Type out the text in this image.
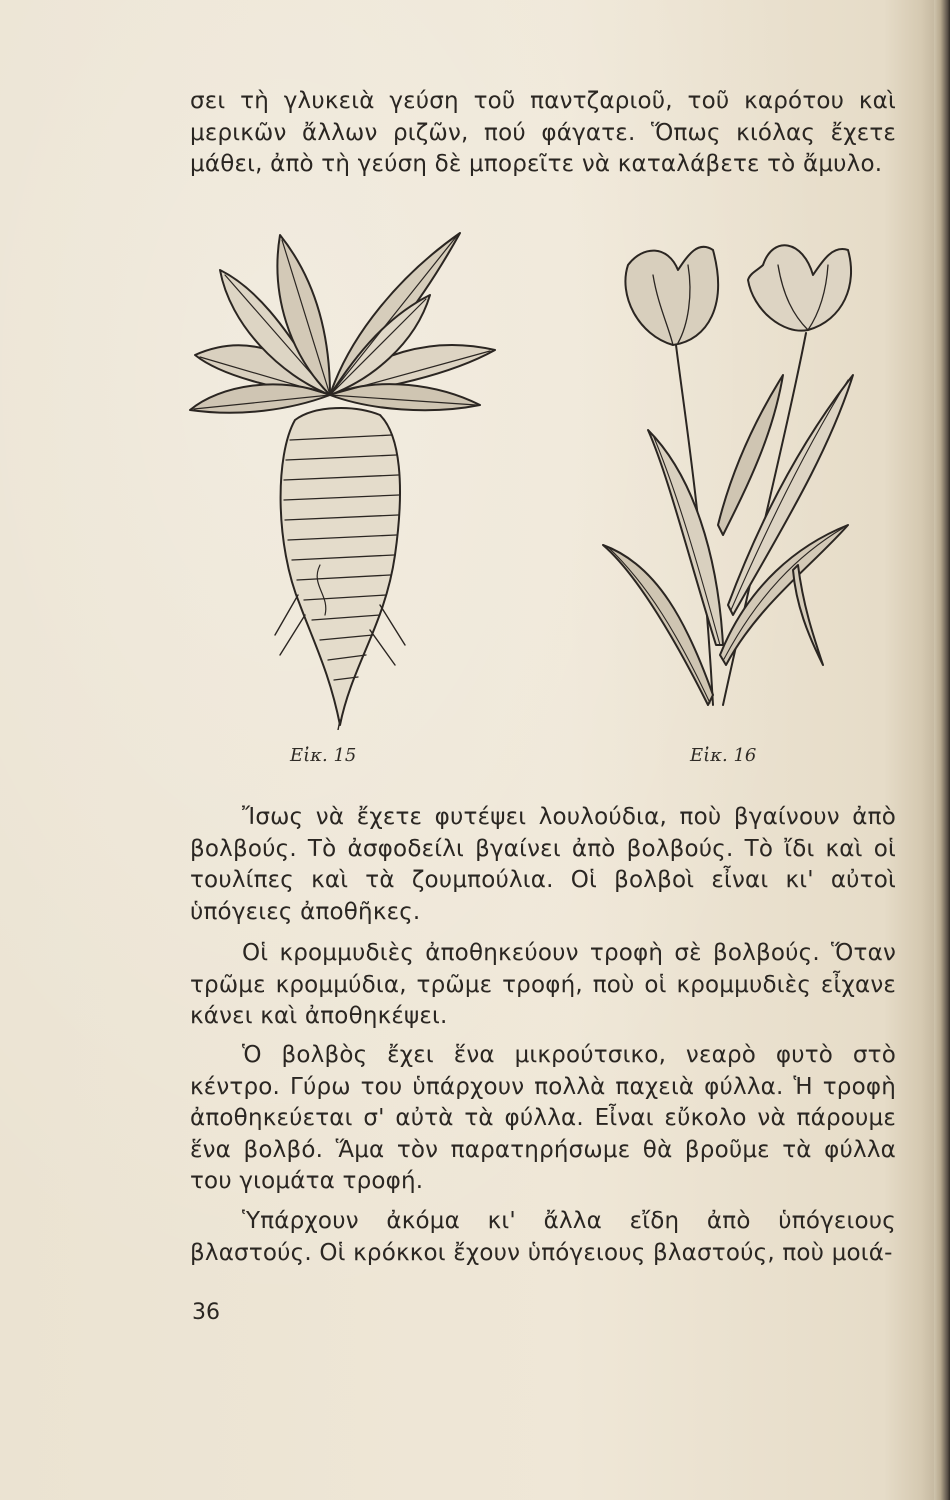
σει τὴ γλυκειὰ γεύση τοῦ παντζαριοῦ, τοῦ καρότου καὶ μερικῶν ἄλλων ριζῶν, πού φάγατε. Ὅπως κιόλας ἔχετε μάθει, ἀπὸ τὴ γεύση δὲ μπορεῖτε νὰ καταλάβετε τὸ ἄμυλο.

Εἰκ. 15	Εἰκ. 16

Ἴσως νὰ ἔχετε φυτέψει λουλούδια, ποὺ βγαίνουν ἀπὸ βολβούς. Τὸ ἀσφοδείλι βγαίνει ἀπὸ βολβούς. Τὸ ἴδι καὶ οἱ τουλίπες καὶ τὰ ζουμπούλια. Οἱ βολβοὶ εἶναι κι' αὐτοὶ ὑπόγειες ἀποθῆκες.

Οἱ κρομμυδιὲς ἀποθηκεύουν τροφὴ σὲ βολβούς. Ὅταν τρῶμε κρομμύδια, τρῶμε τροφή, ποὺ οἱ κρομμυδιὲς εἶχανε κάνει καὶ ἀποθηκέψει.

Ὁ βολβὸς ἔχει ἕνα μικρούτσικο, νεαρὸ φυτὸ στὸ κέντρο. Γύρω του ὑπάρχουν πολλὰ παχειὰ φύλλα. Ἡ τροφὴ ἀποθηκεύεται σ' αὐτὰ τὰ φύλλα. Εἶναι εὔκολο νὰ πάρουμε ἕνα βολβό. Ἅμα τὸν παρατηρήσωμε θὰ βροῦμε τὰ φύλλα του γιομάτα τροφή.

Ὑπάρχουν ἀκόμα κι' ἄλλα εἴδη ἀπὸ ὑπόγειους βλαστούς. Οἱ κρόκκοι ἔχουν ὑπόγειους βλαστούς, ποὺ μοιά-

36
